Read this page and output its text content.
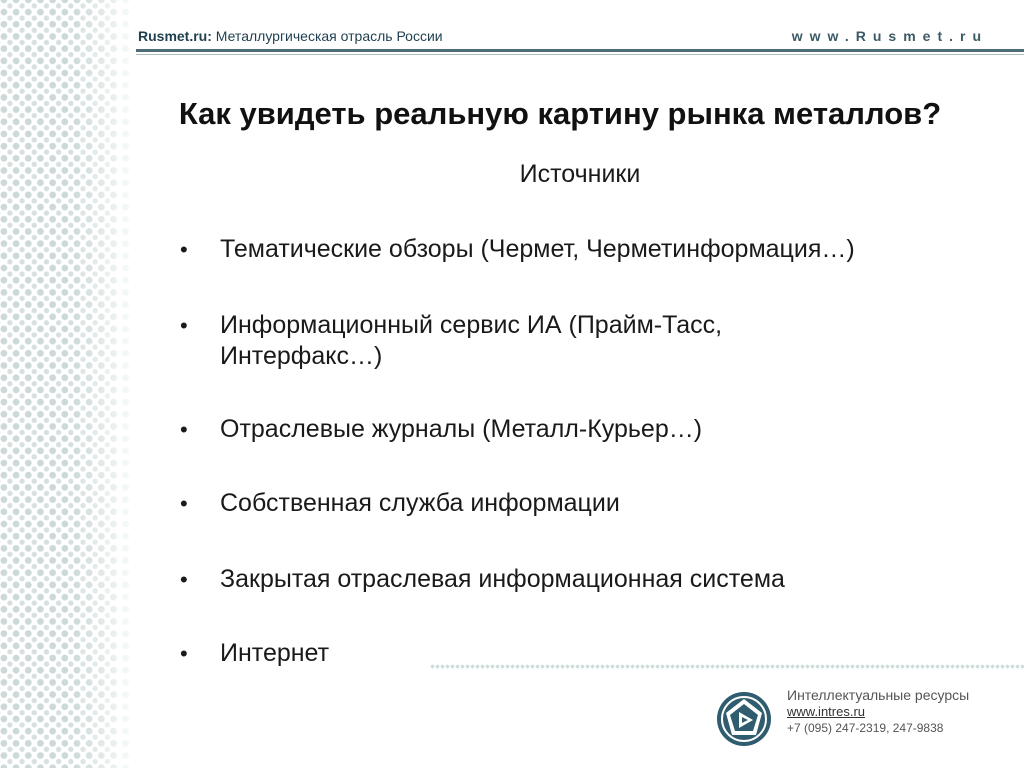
Rusmet.ru: Металлургическая отрасль России	www.Rusmet.ru
Как увидеть реальную картину рынка металлов?
Источники
• Тематические обзоры (Чермет, Черметинформация…)
• Информационный сервис ИА (Прайм-Тасс,
Интерфакс…)
• Отраслевые журналы (Металл-Курьер…)
• Собственная служба информации
• Закрытая отраслевая информационная система
• Интернет
Интеллектуальные ресурсы
www.intres.ru
+7 (095) 247-2319, 247-9838
